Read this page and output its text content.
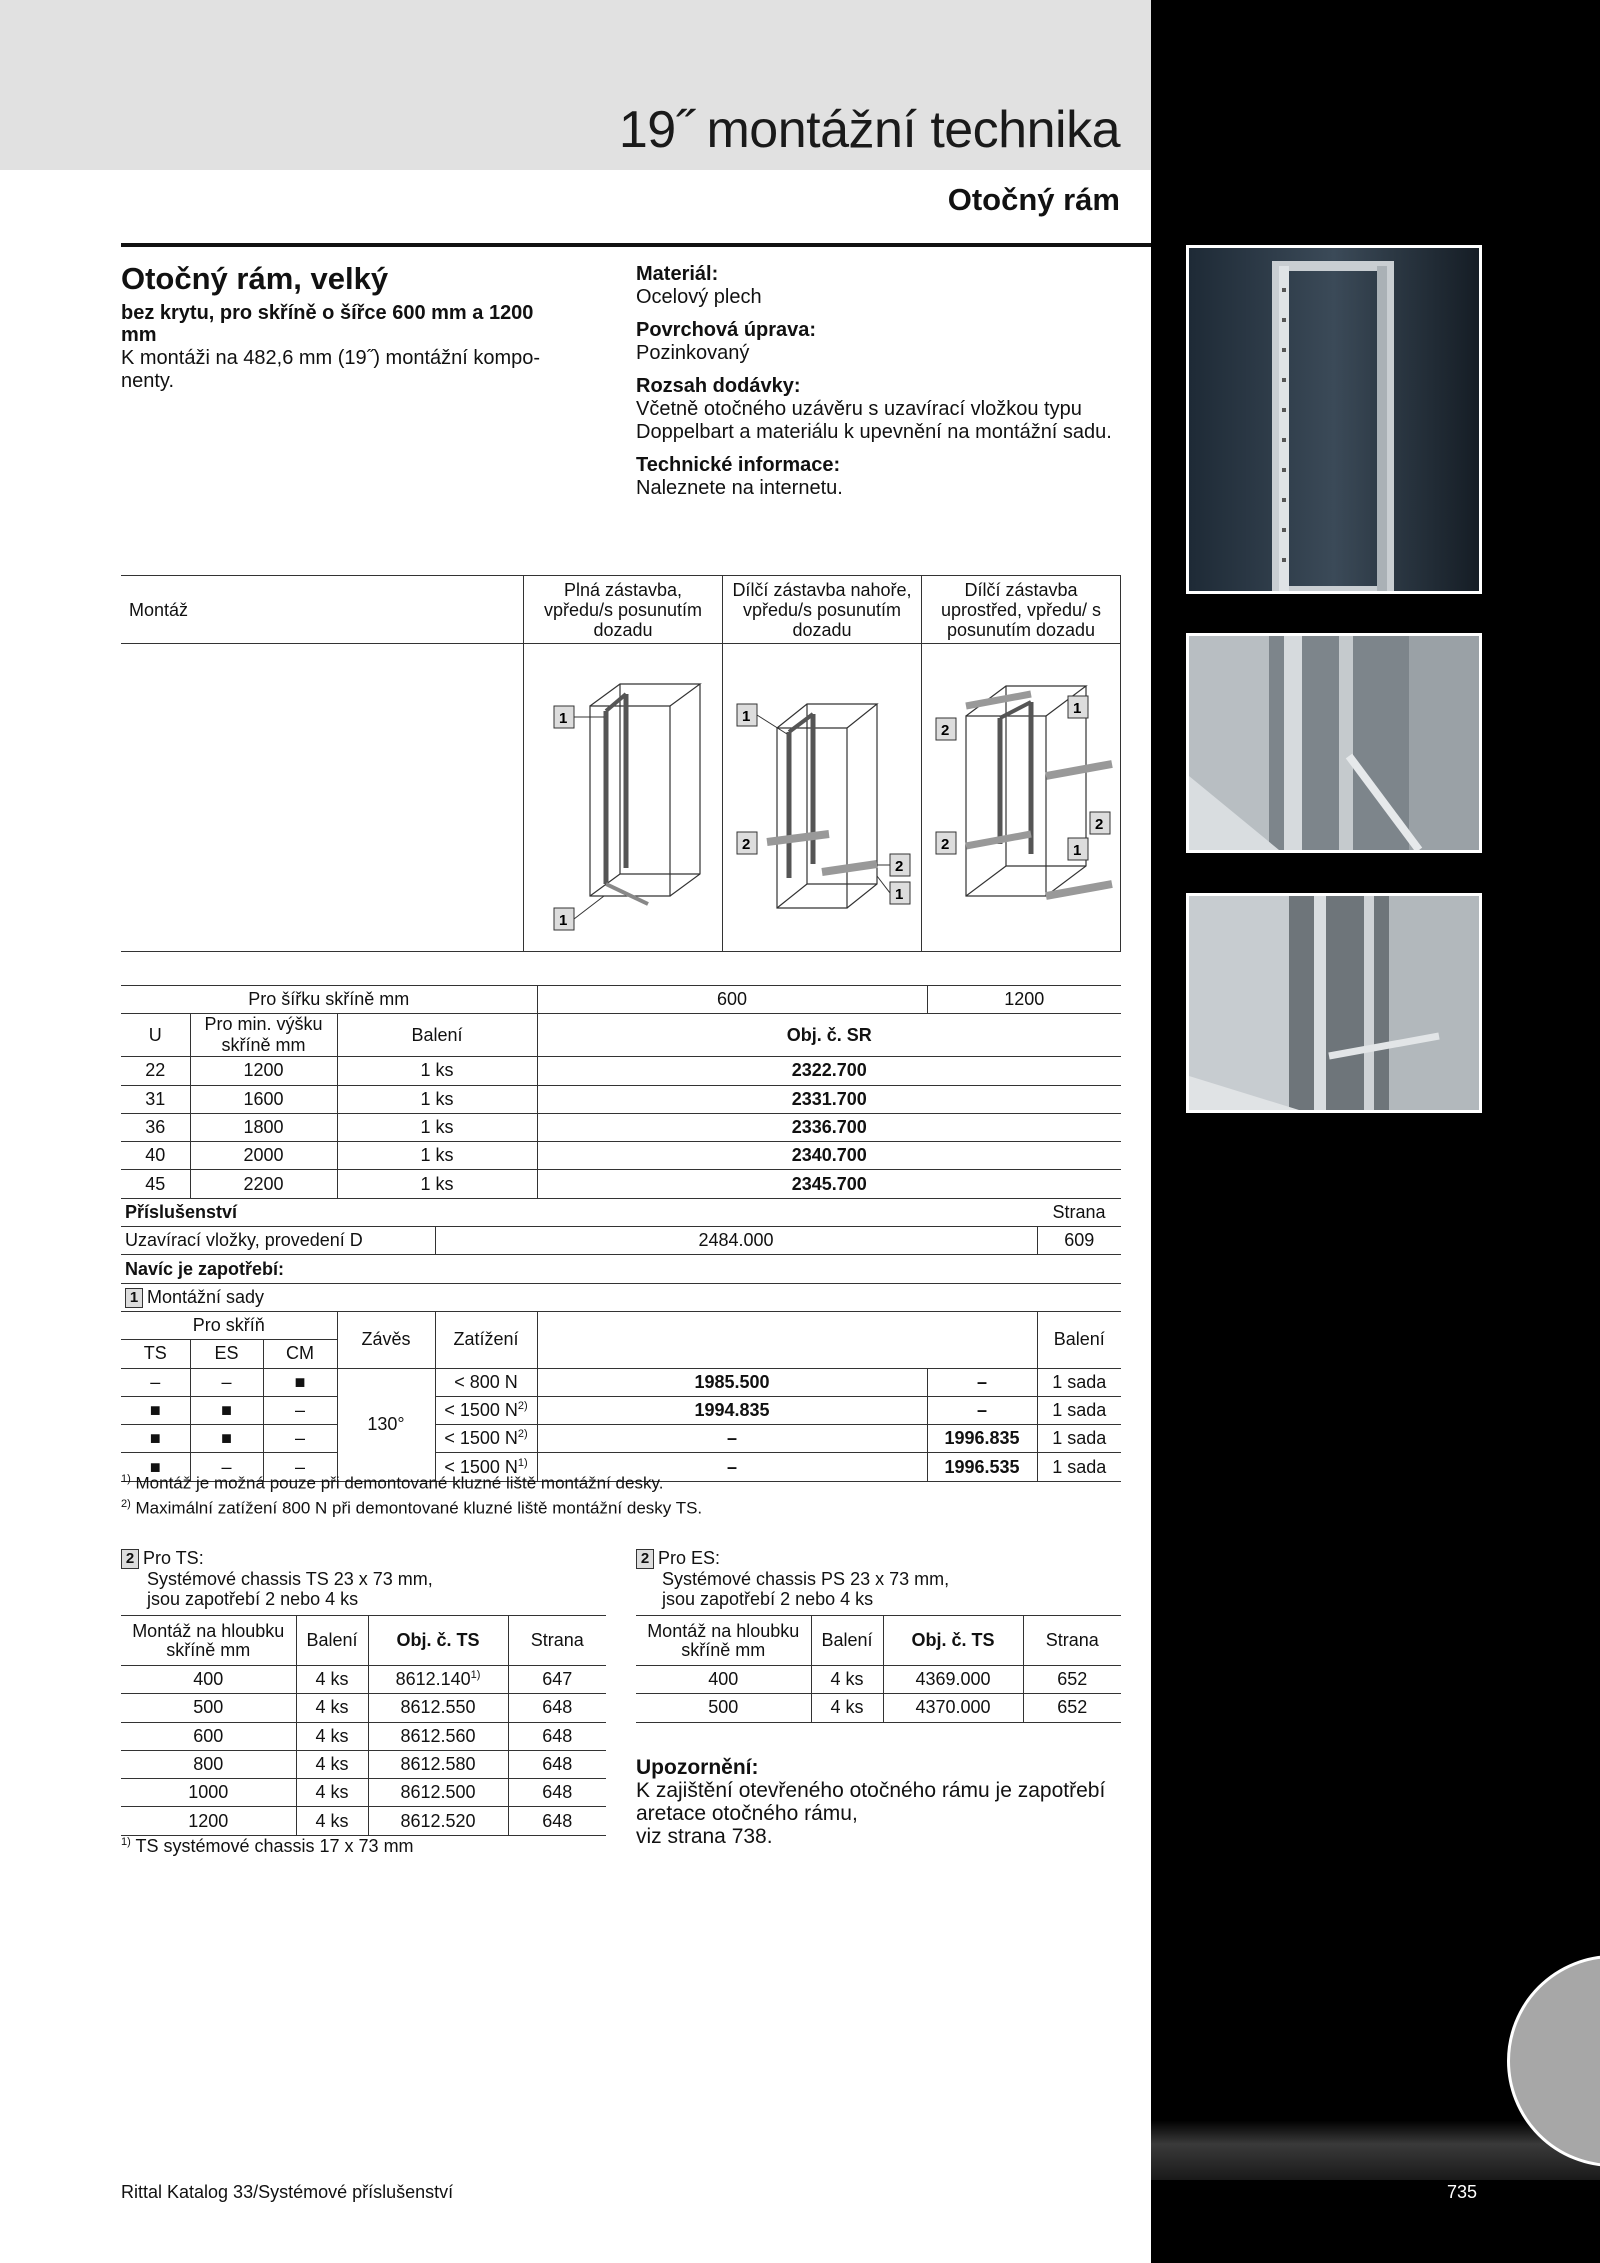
19˝ montážní technika
Otočný rám
Otočný rám, velký
bez krytu, pro skříně o šířce 600 mm a 1200 mm
K montáži na 482,6 mm (19˝) montážní komponenty.
Materiál:
Ocelový plech
Povrchová úprava:
Pozinkovaný
Rozsah dodávky:
Včetně otočného uzávěru s uzavírací vložkou typu Doppelbart a materiálu k upevnění na montážní sadu.
Technické informace:
Naleznete na internetu.
Montáž	Plná zástavba, vpředu/s posunutím dozadu	Dílčí zástavba nahoře, vpředu/s posunutím dozadu	Dílčí zástavba uprostřed, vpředu/ s posunutím dozadu

1
1	1
2
2
1	2
1
2
2 1
Pro šířku skříně mm					600	1200	
U	Pro min. výšku skříně mm		Balení		Obj. č. SR		
22	1200		1 ks		2322.700		
31	1600		1 ks		2331.700		
36	1800		1 ks		2336.700		
40	2000		1 ks		2340.700		
45	2200		1 ks		2345.700		
Příslušenství							Strana
Uzavírací vložky, provedení D				2484.000			609
Navíc je zapotřebí:							
1 Montážní sady							
Pro skříň			Závěs	Zatížení			Balení
TS	ES	CM					
–	–	■	130°	< 800 N	1985.500	–	1 sada
■	■	–		< 1500 $N^{2)}$	1994.835	–	1 sada
■	■	–		< 1500 $N^{2)}$	–	1996.835	1 sada
■	–	–		< 1500 $N^{1)}$	–	1996.535	1 sada
$^{1)}$ Montáž je možná pouze při demontované kluzné liště montážní desky.
$^{2)}$ Maximální zatížení 800 N při demontované kluzné liště montážní desky TS.
2 Pro TS:
Systémové chassis TS 23 x 73 mm,
jsou zapotřebí 2 nebo 4 ks
Montáž na hloubku skříně mm	Balení	Obj. č. TS	Strana
400	4 ks	8612.140$^{1)}$	647
500	4 ks	8612.550	648
600	4 ks	8612.560	648
800	4 ks	8612.580	648
1000	4 ks	8612.500	648
1200	4 ks	8612.520	648
$^{1)}$ TS systémové chassis 17 x 73 mm
2 Pro ES:
Systémové chassis PS 23 x 73 mm,
jsou zapotřebí 2 nebo 4 ks
Montáž na hloubku skříně mm	Balení	Obj. č. TS	Strana
400	4 ks	4369.000	652
500	4 ks	4370.000	652
Upozornění:
K zajištění otevřeného otočného rámu je zapotřebí aretace otočného rámu,
viz strana 738.
Rittal Katalog 33/Systémové příslušenství	735
